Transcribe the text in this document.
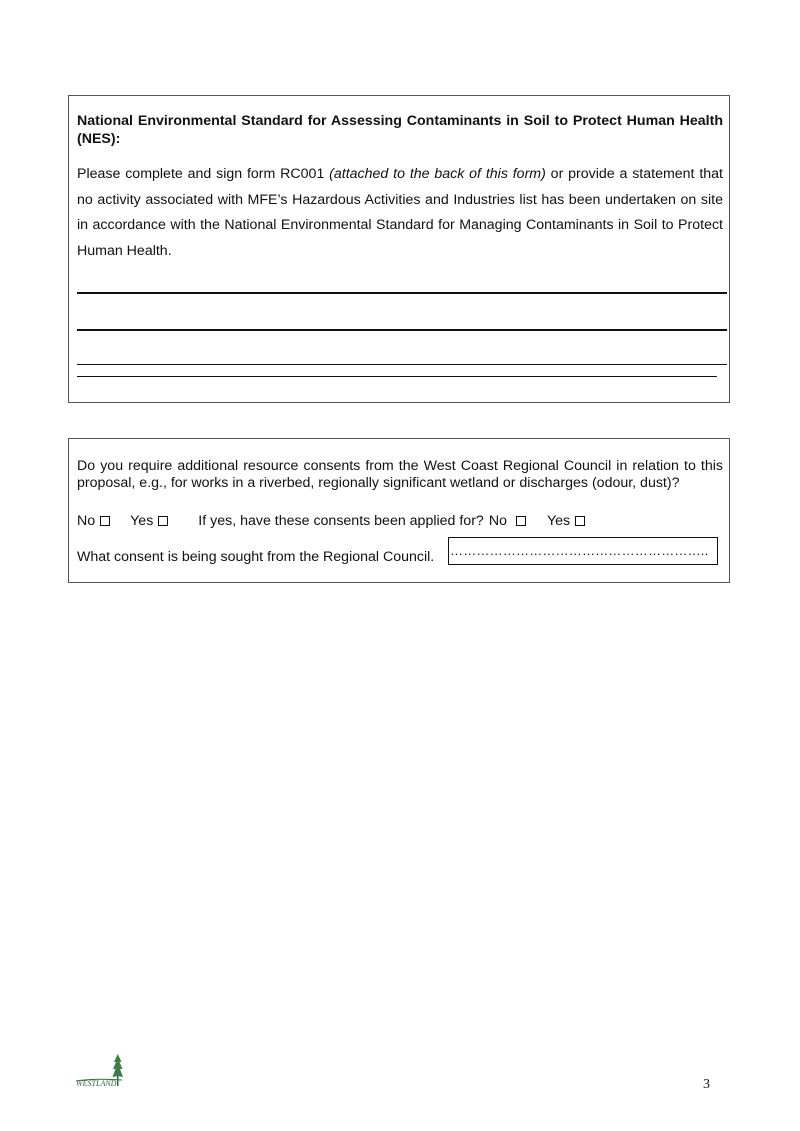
National Environmental Standard for Assessing Contaminants in Soil to Protect Human Health (NES):

Please complete and sign form RC001 (attached to the back of this form) or provide a statement that no activity associated with MFE’s Hazardous Activities and Industries list has been undertaken on site in accordance with the National Environmental Standard for Managing Contaminants in Soil to Protect Human Health.

Do you require additional resource consents from the West Coast Regional Council in relation to this proposal, e.g., for works in a riverbed, regionally significant wetland or discharges (odour, dust)?

No Yes	If yes, have these consents been applied for? No	Yes
What consent is being sought from the Regional Council. …………………………………………………..
WESTLAND	3
